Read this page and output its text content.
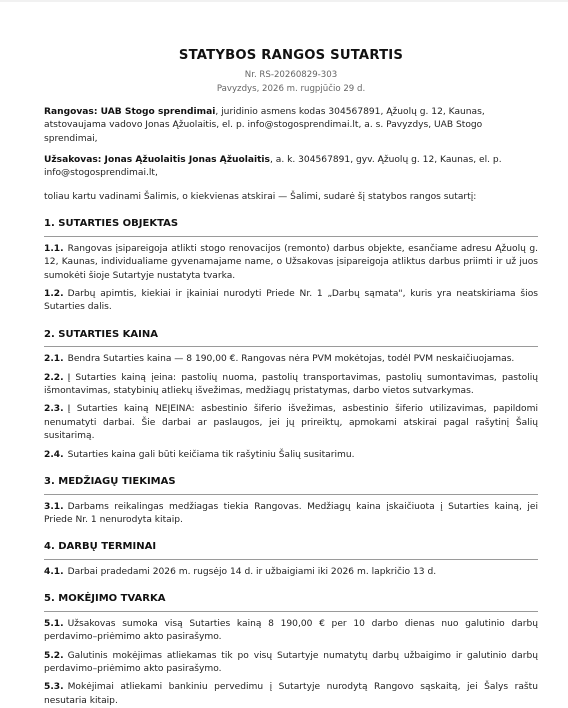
STATYBOS RANGOS SUTARTIS
Nr. RS-20260829-303
Pavyzdys, 2026 m. rugpjūčio 29 d.
Rangovas: UAB Stogo sprendimai, juridinio asmens kodas 304567891, Ąžuolų g. 12, Kaunas, atstovaujama vadovo Jonas Ąžuolaitis, el. p. info@stogosprendimai.lt, a. s. Pavyzdys, UAB Stogo sprendimai,
Užsakovas: Jonas Ąžuolaitis Jonas Ąžuolaitis, a. k. 304567891, gyv. Ąžuolų g. 12, Kaunas, el. p. info@stogosprendimai.lt,
toliau kartu vadinami Šalimis, o kiekvienas atskirai — Šalimi, sudarė šį statybos rangos sutartį:
1. SUTARTIES OBJEKTAS
1.1. Rangovas įsipareigoja atlikti stogo renovacijos (remonto) darbus objekte, esančiame adresu Ąžuolų g. 12, Kaunas, individualiame gyvenamajame name, o Užsakovas įsipareigoja atliktus darbus priimti ir už juos sumokėti šioje Sutartyje nustatyta tvarka.
1.2. Darbų apimtis, kiekiai ir įkainiai nurodyti Priede Nr. 1 „Darbų sąmata", kuris yra neatskiriama šios Sutarties dalis.
2. SUTARTIES KAINA
2.1. Bendra Sutarties kaina — 8 190,00 €. Rangovas nėra PVM mokėtojas, todėl PVM neskaičiuojamas.
2.2. Į Sutarties kainą įeina: pastolių nuoma, pastolių transportavimas, pastolių sumontavimas, pastolių išmontavimas, statybinių atliekų išvežimas, medžiagų pristatymas, darbo vietos sutvarkymas.
2.3. Į Sutarties kainą NEĮEINA: asbestinio šiferio išvežimas, asbestinio šiferio utilizavimas, papildomi nenumatyti darbai. Šie darbai ar paslaugos, jei jų prireiktų, apmokami atskirai pagal rašytinį Šalių susitarimą.
2.4. Sutarties kaina gali būti keičiama tik rašytiniu Šalių susitarimu.
3. MEDŽIAGŲ TIEKIMAS
3.1. Darbams reikalingas medžiagas tiekia Rangovas. Medžiagų kaina įskaičiuota į Sutarties kainą, jei Priede Nr. 1 nenurodyta kitaip.
4. DARBŲ TERMINAI
4.1. Darbai pradedami 2026 m. rugsėjo 14 d. ir užbaigiami iki 2026 m. lapkričio 13 d.
5. MOKĖJIMO TVARKA
5.1. Užsakovas sumoka visą Sutarties kainą 8 190,00 € per 10 darbo dienas nuo galutinio darbų perdavimo–priėmimo akto pasirašymo.
5.2. Galutinis mokėjimas atliekamas tik po visų Sutartyje numatytų darbų užbaigimo ir galutinio darbų perdavimo–priėmimo akto pasirašymo.
5.3. Mokėjimai atliekami bankiniu pervedimu į Sutartyje nurodytą Rangovo sąskaitą, jei Šalys raštu nesutaria kitaip.
